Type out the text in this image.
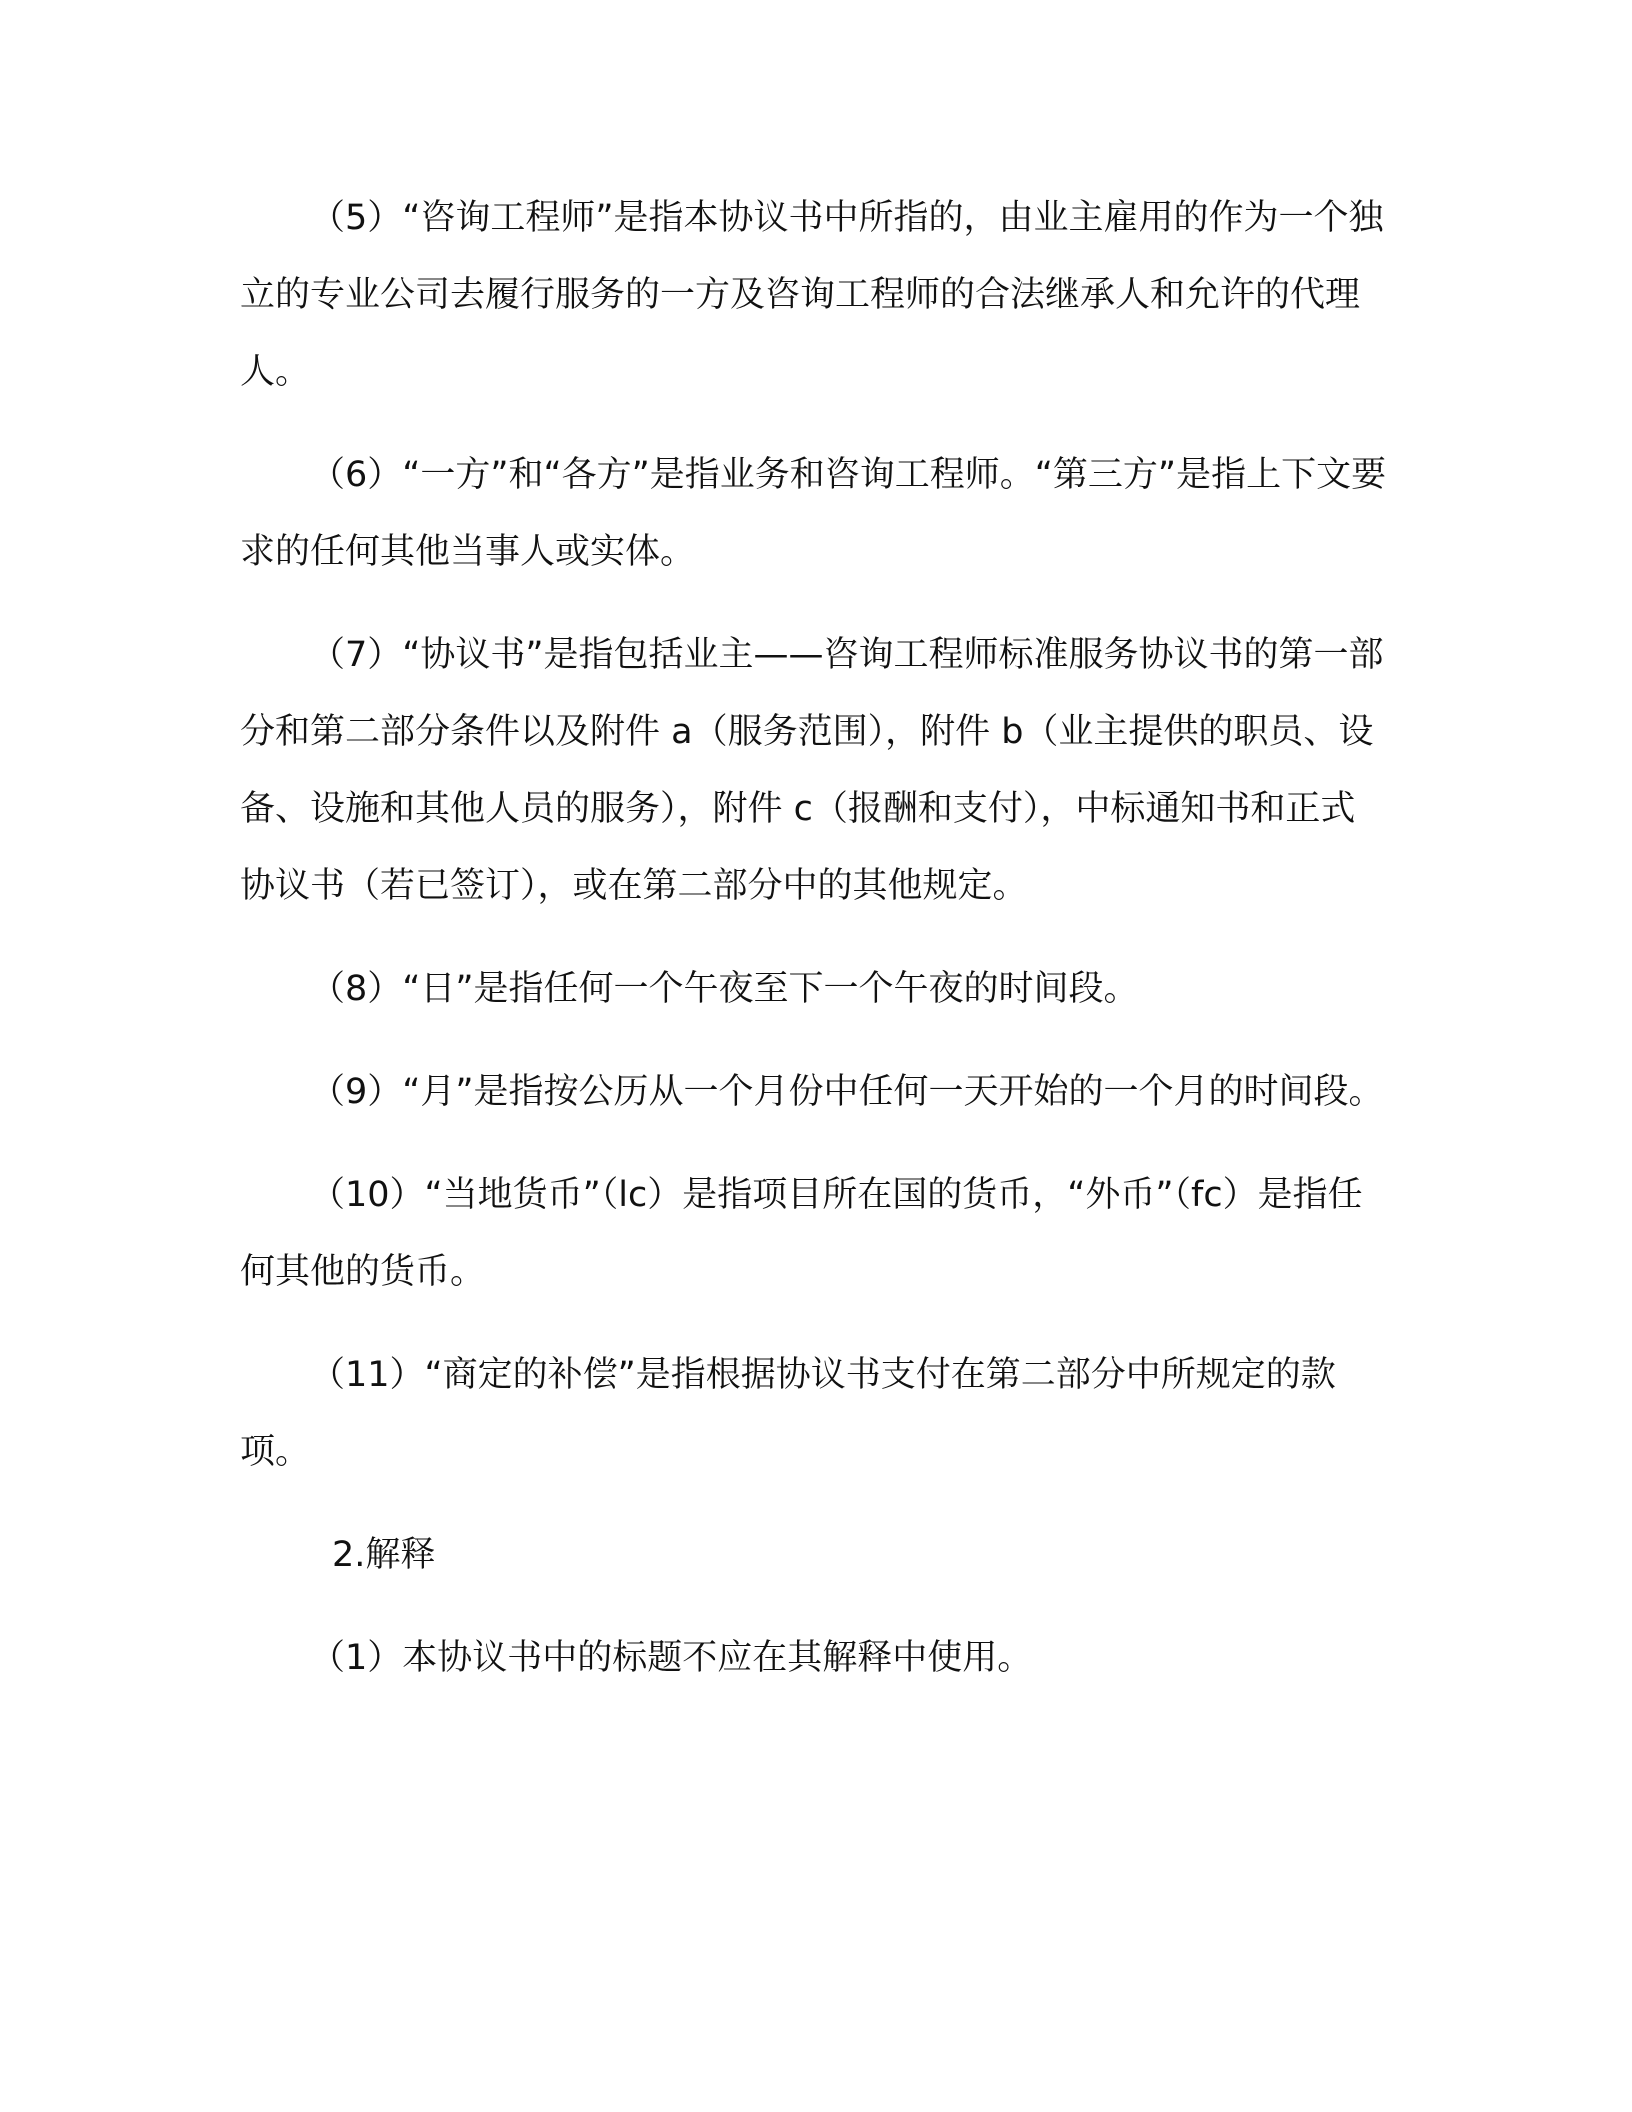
（5）“咨询工程师”是指本协议书中所指的，由业主雇用的作为一个独立的专业公司去履行服务的一方及咨询工程师的合法继承人和允许的代理人。

（6）“一方”和“各方”是指业务和咨询工程师。“第三方”是指上下文要求的任何其他当事人或实体。

（7）“协议书”是指包括业主——咨询工程师标准服务协议书的第一部分和第二部分条件以及附件 a（服务范围），附件 b（业主提供的职员、设备、设施和其他人员的服务），附件 c（报酬和支付），中标通知书和正式协议书（若已签订），或在第二部分中的其他规定。

（8）“日”是指任何一个午夜至下一个午夜的时间段。

（9）“月”是指按公历从一个月份中任何一天开始的一个月的时间段。

（10）“当地货币”（lc）是指项目所在国的货币，“外币”（fc）是指任何其他的货币。

（11）“商定的补偿”是指根据协议书支付在第二部分中所规定的款项。

2.解释

（1）本协议书中的标题不应在其解释中使用。
